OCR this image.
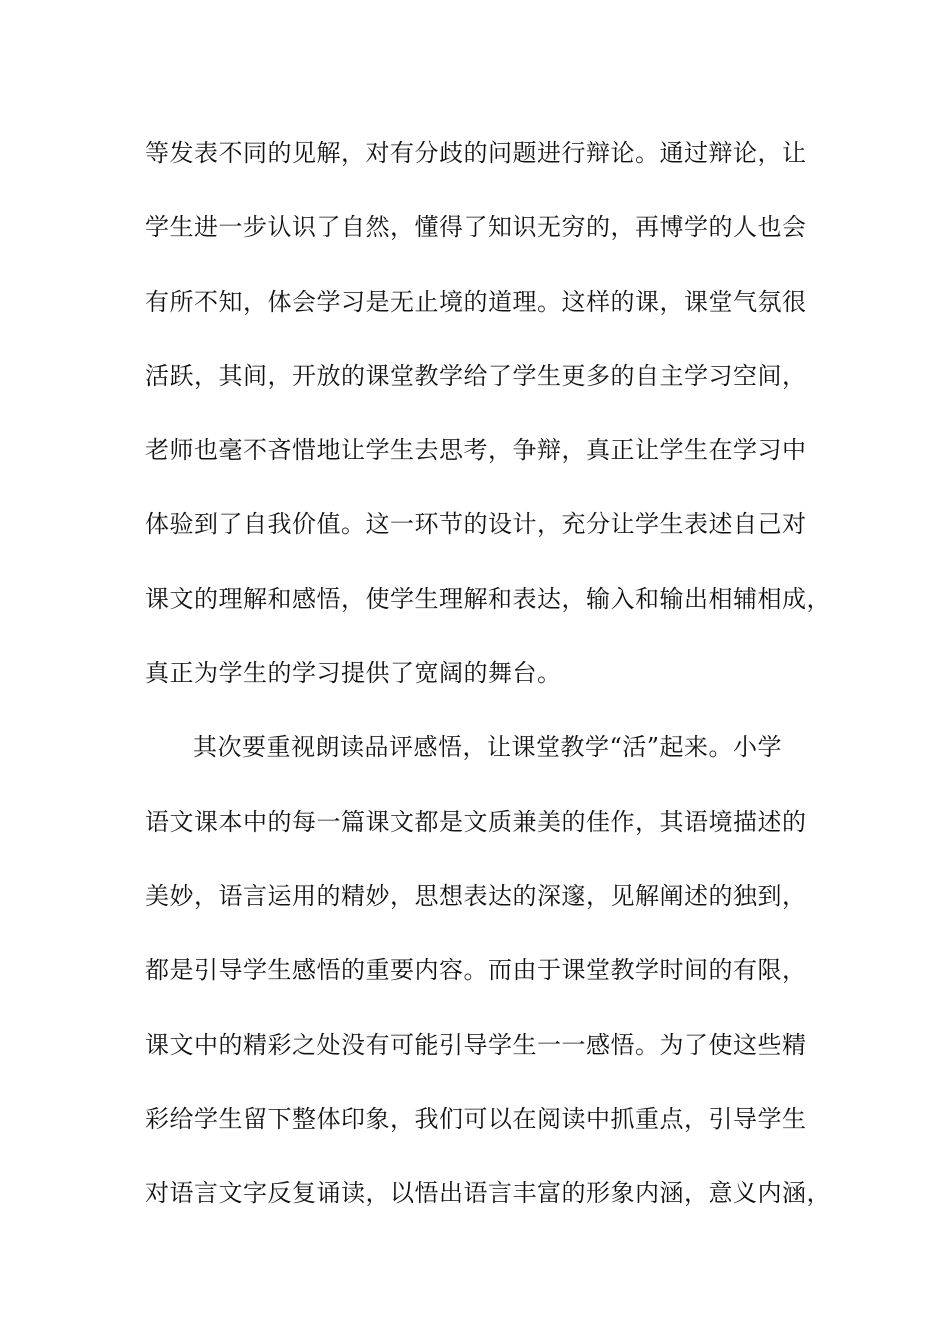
等发表不同的见解，对有分歧的问题进行辩论。通过辩论，让
学生进一步认识了自然，懂得了知识无穷的，再博学的人也会
有所不知，体会学习是无止境的道理。这样的课，课堂气氛很
活跃，其间，开放的课堂教学给了学生更多的自主学习空间，
老师也毫不吝惜地让学生去思考，争辩，真正让学生在学习中
体验到了自我价值。这一环节的设计，充分让学生表述自己对
课文的理解和感悟，使学生理解和表达，输入和输出相辅相成，
真正为学生的学习提供了宽阔的舞台。
其次要重视朗读品评感悟，让课堂教学“活”起来。小学
语文课本中的每一篇课文都是文质兼美的佳作，其语境描述的
美妙，语言运用的精妙，思想表达的深邃，见解阐述的独到，
都是引导学生感悟的重要内容。而由于课堂教学时间的有限，
课文中的精彩之处没有可能引导学生一一感悟。为了使这些精
彩给学生留下整体印象，我们可以在阅读中抓重点，引导学生
对语言文字反复诵读，以悟出语言丰富的形象内涵，意义内涵，
